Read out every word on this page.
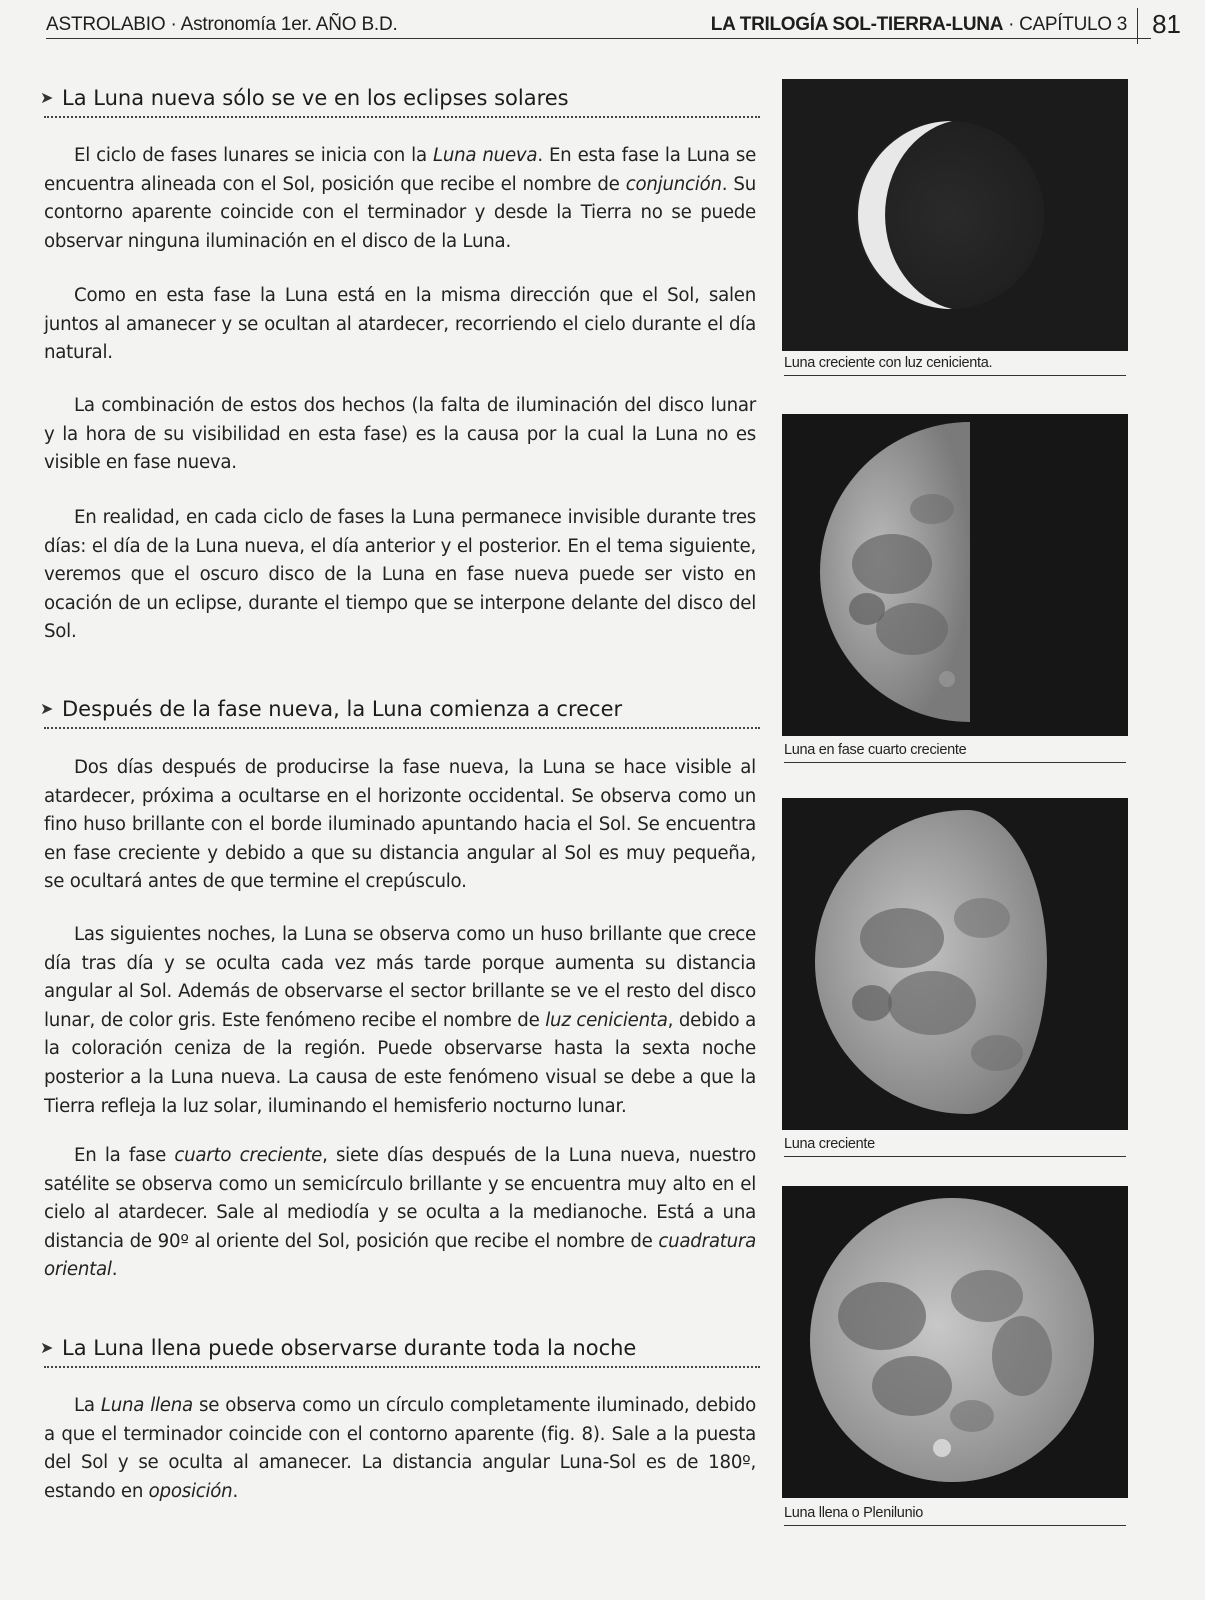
ASTROLABIO · Astronomía 1er. AÑO B.D.	LA TRILOGÍA SOL-TIERRA-LUNA · CAPÍTULO 3 81
➤ La Luna nueva sólo se ve en los eclipses solares
El ciclo de fases lunares se inicia con la Luna nueva. En esta fase la Luna se encuentra alineada con el Sol, posición que recibe el nombre de conjunción. Su contorno aparente coincide con el terminador y desde la Tierra no se puede observar ninguna iluminación en el disco de la Luna.
Como en esta fase la Luna está en la misma dirección que el Sol, salen juntos al amanecer y se ocultan al atardecer, recorriendo el cielo durante el día natural.
La combinación de estos dos hechos (la falta de iluminación del disco lunar y la hora de su visibilidad en esta fase) es la causa por la cual la Luna no es visible en fase nueva.
En realidad, en cada ciclo de fases la Luna permanece invisible durante tres días: el día de la Luna nueva, el día anterior y el posterior. En el tema siguiente, veremos que el oscuro disco de la Luna en fase nueva puede ser visto en ocación de un eclipse, durante el tiempo que se interpone delante del disco del Sol.
➤ Después de la fase nueva, la Luna comienza a crecer
Dos días después de producirse la fase nueva, la Luna se hace visible al atardecer, próxima a ocultarse en el horizonte occidental. Se observa como un fino huso brillante con el borde iluminado apuntando hacia el Sol. Se encuentra en fase creciente y debido a que su distancia angular al Sol es muy pequeña, se ocultará antes de que termine el crepúsculo.
Las siguientes noches, la Luna se observa como un huso brillante que crece día tras día y se oculta cada vez más tarde porque aumenta su distancia angular al Sol. Además de observarse el sector brillante se ve el resto del disco lunar, de color gris. Este fenómeno recibe el nombre de luz cenicienta, debido a la coloración ceniza de la región. Puede observarse hasta la sexta noche posterior a la Luna nueva. La causa de este fenómeno visual se debe a que la Tierra refleja la luz solar, iluminando el hemisferio nocturno lunar.
En la fase cuarto creciente, siete días después de la Luna nueva, nuestro satélite se observa como un semicírculo brillante y se encuentra muy alto en el cielo al atardecer. Sale al mediodía y se oculta a la medianoche. Está a una distancia de 90º al oriente del Sol, posición que recibe el nombre de cuadratura oriental.
➤ La Luna llena puede observarse durante toda la noche
La Luna llena se observa como un círculo completamente iluminado, debido a que el terminador coincide con el contorno aparente (fig. 8). Sale a la puesta del Sol y se oculta al amanecer. La distancia angular Luna-Sol es de 180º, estando en oposición.
Luna creciente con luz cenicienta.
Luna en fase cuarto creciente
Luna creciente
Luna llena o Plenilunio
